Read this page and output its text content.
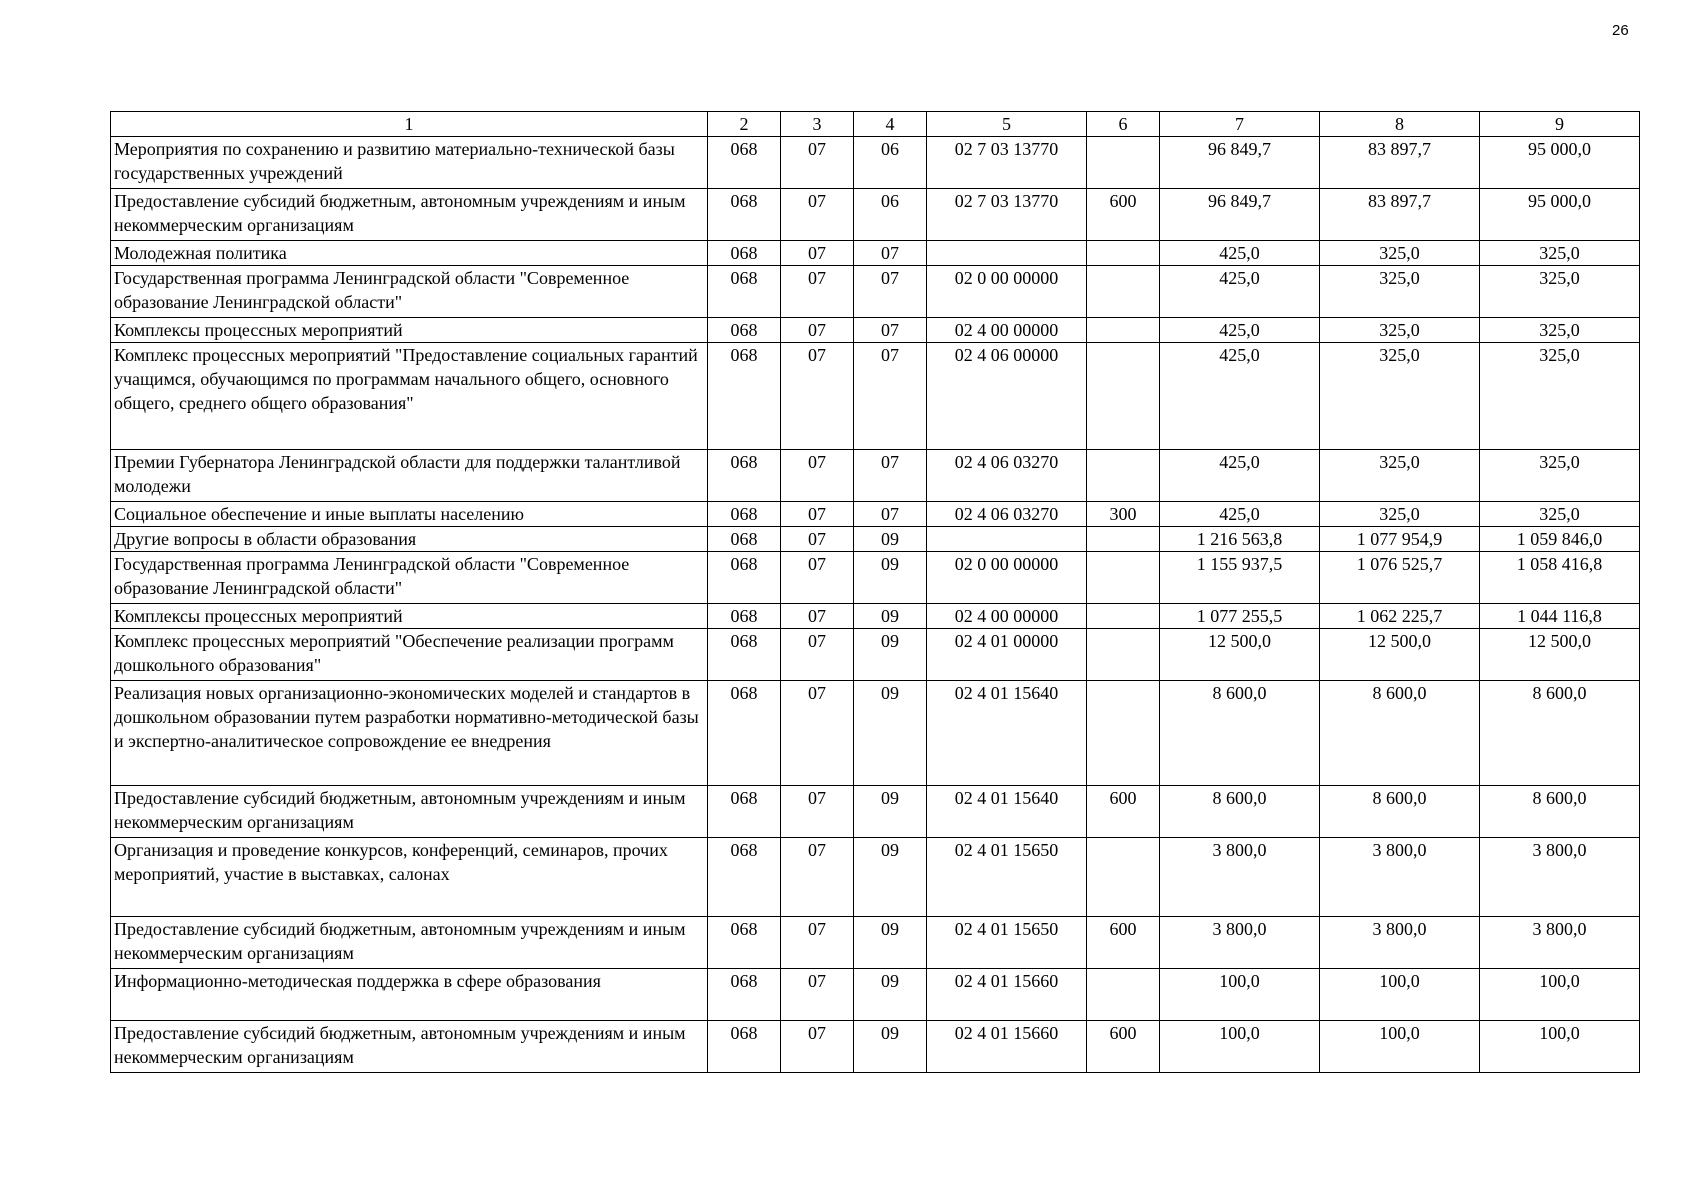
26
1	2	3	4	5	6	7	8	9
Мероприятия по сохранению и развитию материально-технической базы государственных учреждений	068	07	06	02 7 03 13770		96 849,7	83 897,7	95 000,0
Предоставление субсидий бюджетным, автономным учреждениям и иным некоммерческим организациям	068	07	06	02 7 03 13770	600	96 849,7	83 897,7	95 000,0
Молодежная политика	068	07	07			425,0	325,0	325,0
Государственная программа Ленинградской области "Современное образование Ленинградской области"	068	07	07	02 0 00 00000		425,0	325,0	325,0
Комплексы процессных мероприятий	068	07	07	02 4 00 00000		425,0	325,0	325,0
Комплекс процессных мероприятий "Предоставление социальных гарантий учащимся, обучающимся по программам начального общего, основного общего, среднего общего образования"	068	07	07	02 4 06 00000		425,0	325,0	325,0
Премии Губернатора Ленинградской области для поддержки талантливой молодежи	068	07	07	02 4 06 03270		425,0	325,0	325,0
Социальное обеспечение и иные выплаты населению	068	07	07	02 4 06 03270	300	425,0	325,0	325,0
Другие вопросы в области образования	068	07	09			1 216 563,8	1 077 954,9	1 059 846,0
Государственная программа Ленинградской области "Современное образование Ленинградской области"	068	07	09	02 0 00 00000		1 155 937,5	1 076 525,7	1 058 416,8
Комплексы процессных мероприятий	068	07	09	02 4 00 00000		1 077 255,5	1 062 225,7	1 044 116,8
Комплекс процессных мероприятий "Обеспечение реализации программ дошкольного образования"	068	07	09	02 4 01 00000		12 500,0	12 500,0	12 500,0
Реализация новых организационно-экономических моделей и стандартов в дошкольном образовании путем разработки нормативно-методической базы и экспертно-аналитическое сопровождение ее внедрения	068	07	09	02 4 01 15640		8 600,0	8 600,0	8 600,0
Предоставление субсидий бюджетным, автономным учреждениям и иным некоммерческим организациям	068	07	09	02 4 01 15640	600	8 600,0	8 600,0	8 600,0
Организация и проведение конкурсов, конференций, семинаров, прочих мероприятий, участие в выставках, салонах	068	07	09	02 4 01 15650		3 800,0	3 800,0	3 800,0
Предоставление субсидий бюджетным, автономным учреждениям и иным некоммерческим организациям	068	07	09	02 4 01 15650	600	3 800,0	3 800,0	3 800,0
Информационно-методическая поддержка в сфере образования	068	07	09	02 4 01 15660		100,0	100,0	100,0
Предоставление субсидий бюджетным, автономным учреждениям и иным некоммерческим организациям	068	07	09	02 4 01 15660	600	100,0	100,0	100,0
